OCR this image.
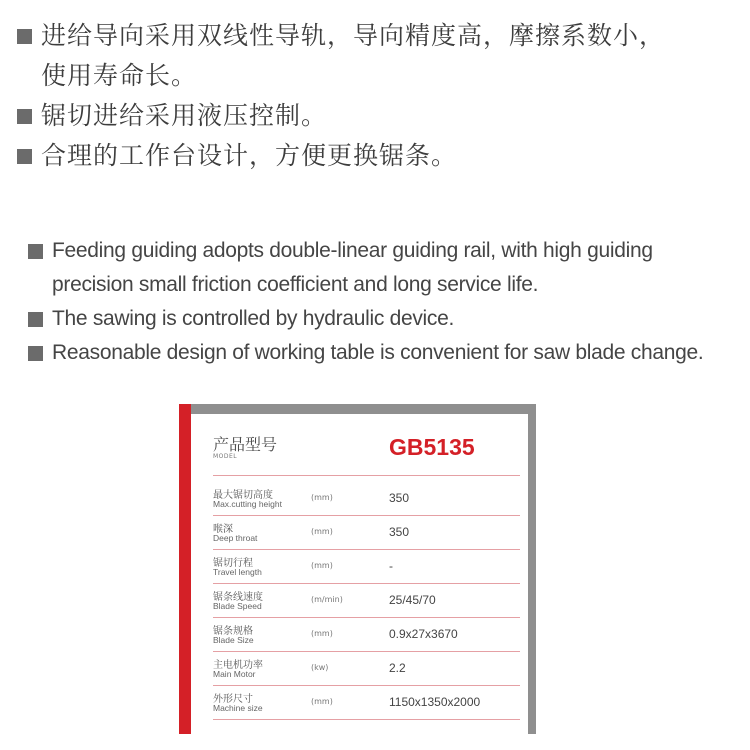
进给导向采用双线性导轨，导向精度高，摩擦系数小，
使用寿命长。
锯切进给采用液压控制。
合理的工作台设计，方便更换锯条。
Feeding guiding adopts double-linear guiding rail, with high guiding
precision small friction coefficient and long service life.
The sawing is controlled by hydraulic device.
Reasonable design of working table is convenient for saw blade change.
产品型号
MODEL	GB5135
最大锯切高度
Max.cutting height
(mm)	350
喉深
Deep throat
(mm)	350
锯切行程
Travel length
(mm)	-
锯条线速度
Blade Speed
(m/min)	25/45/70
锯条规格
Blade Size
(mm)	0.9x27x3670
主电机功率
Main Motor
(kw)	2.2
外形尺寸
Machine size
(mm)	1150x1350x2000
